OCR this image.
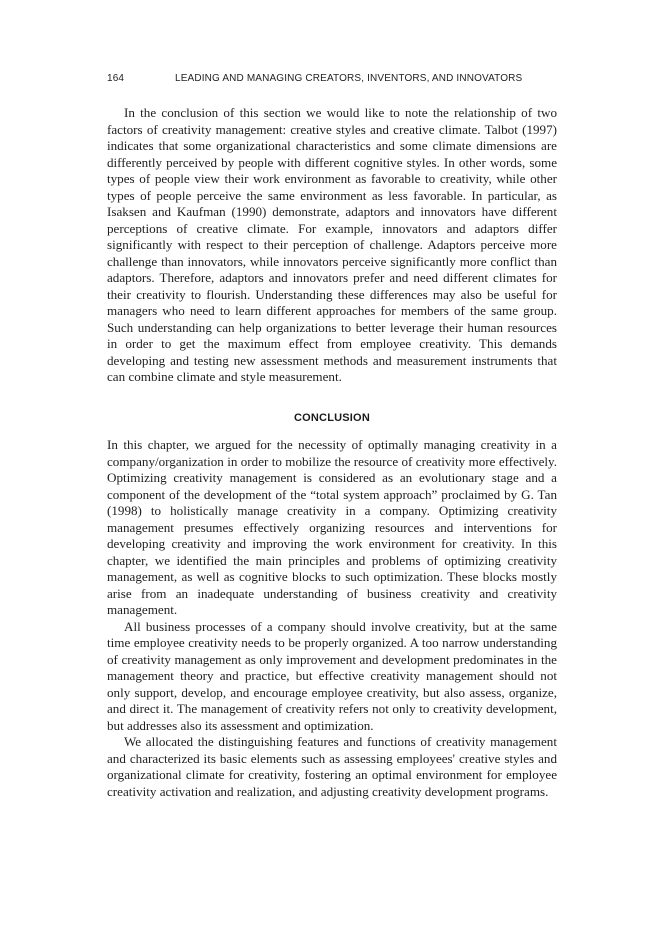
164	LEADING AND MANAGING CREATORS, INVENTORS, AND INNOVATORS

In the conclusion of this section we would like to note the relationship of two factors of creativity management: creative styles and creative climate. Talbot (1997) indicates that some organizational characteristics and some climate dimensions are differently perceived by people with different cognitive styles. In other words, some types of people view their work environment as favorable to creativity, while other types of people perceive the same environment as less favorable. In particular, as Isaksen and Kaufman (1990) demonstrate, adaptors and innovators have different perceptions of creative climate. For example, innovators and adaptors differ significantly with respect to their perception of challenge. Adaptors perceive more challenge than innovators, while innovators perceive significantly more conflict than adaptors. Therefore, adaptors and innovators prefer and need different climates for their creativity to flourish. Understanding these differences may also be useful for managers who need to learn different approaches for members of the same group. Such understanding can help organizations to better leverage their human resources in order to get the maximum effect from employee creativity. This demands developing and testing new assessment methods and measurement instruments that can combine climate and style measurement.

CONCLUSION

In this chapter, we argued for the necessity of optimally managing creativity in a company/organization in order to mobilize the resource of creativity more effectively. Optimizing creativity management is considered as an evolutionary stage and a component of the development of the “total system approach” proclaimed by G. Tan (1998) to holistically manage creativity in a company. Optimizing creativity management presumes effectively organizing resources and interventions for developing creativity and improving the work environment for creativity. In this chapter, we identified the main principles and problems of optimizing creativity management, as well as cognitive blocks to such optimization. These blocks mostly arise from an inadequate understanding of business creativity and creativity management.

All business processes of a company should involve creativity, but at the same time employee creativity needs to be properly organized. A too narrow understanding of creativity management as only improvement and development predominates in the management theory and practice, but effective creativity management should not only support, develop, and encourage employee creativity, but also assess, organize, and direct it. The management of creativity refers not only to creativity development, but addresses also its assessment and optimization.

We allocated the distinguishing features and functions of creativity management and characterized its basic elements such as assessing employees' creative styles and organizational climate for creativity, fostering an optimal environment for employee creativity activation and realization, and adjusting creativity development programs.
